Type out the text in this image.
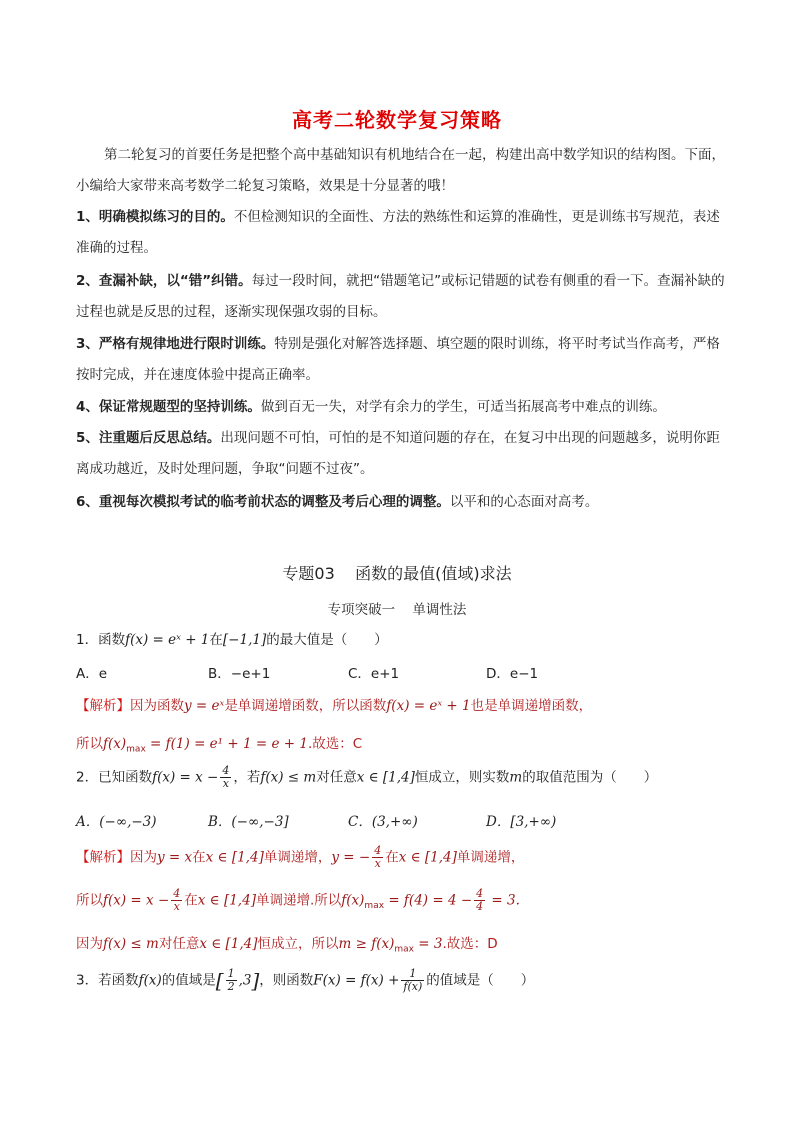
高考二轮数学复习策略
第二轮复习的首要任务是把整个高中基础知识有机地结合在一起，构建出高中数学知识的结构图。下面，小编给大家带来高考数学二轮复习策略，效果是十分显著的哦！
1、明确模拟练习的目的。不但检测知识的全面性、方法的熟练性和运算的准确性，更是训练书写规范，表述准确的过程。
2、查漏补缺，以“错”纠错。每过一段时间，就把“错题笔记”或标记错题的试卷有侧重的看一下。查漏补缺的过程也就是反思的过程，逐渐实现保强攻弱的目标。
3、严格有规律地进行限时训练。特别是强化对解答选择题、填空题的限时训练，将平时考试当作高考，严格按时完成，并在速度体验中提高正确率。
4、保证常规题型的坚持训练。做到百无一失，对学有余力的学生，可适当拓展高考中难点的训练。
5、注重题后反思总结。出现问题不可怕，可怕的是不知道问题的存在，在复习中出现的问题越多，说明你距离成功越近，及时处理问题，争取“问题不过夜”。
6、重视每次模拟考试的临考前状态的调整及考后心理的调整。以平和的心态面对高考。
专题03 函数的最值(值域)求法
专项突破一 单调性法
1．函数f(x) = eˣ + 1在[−1,1]的最大值是（　　）
A．e	B．−e+1	C．e+1	D．e−1
【解析】因为函数y = eˣ是单调递增函数，所以函数f(x) = eˣ + 1也是单调递增函数，
所以$f(x)_{max} = f(1) = e^1 + 1 = e + 1$.故选：C
2．已知函数$f(x) = x - \frac{4}{x}$ ，若f(x) ≤ m对任意x ∈ [1,4]恒成立，则实数m的取值范围为（　　）
A．(−∞,−3)	B．(−∞,−3]	C．(3,+∞)	D．[3,+∞)
【解析】因为y = x在x ∈ [1,4]单调递增，y = − $\frac{4}{x}$ 在x ∈ [1,4]单调递增，
所以$f(x) = x - \frac{4}{x}$ 在x ∈ [1,4]单调递增.所以$f(x)_{max} = f(4) = 4 - \frac{4}{4} = 3$.
因为f(x) ≤ m对任意x ∈ [1,4]恒成立，所以$m \ge f(x)_{max} = 3$.故选：D
3．若函数f(x)的值域是[ $\frac{1}{2} ,3$]，则函数$F(x) = f(x) + \frac{1}{f(x)}$ 的值域是（　　）
